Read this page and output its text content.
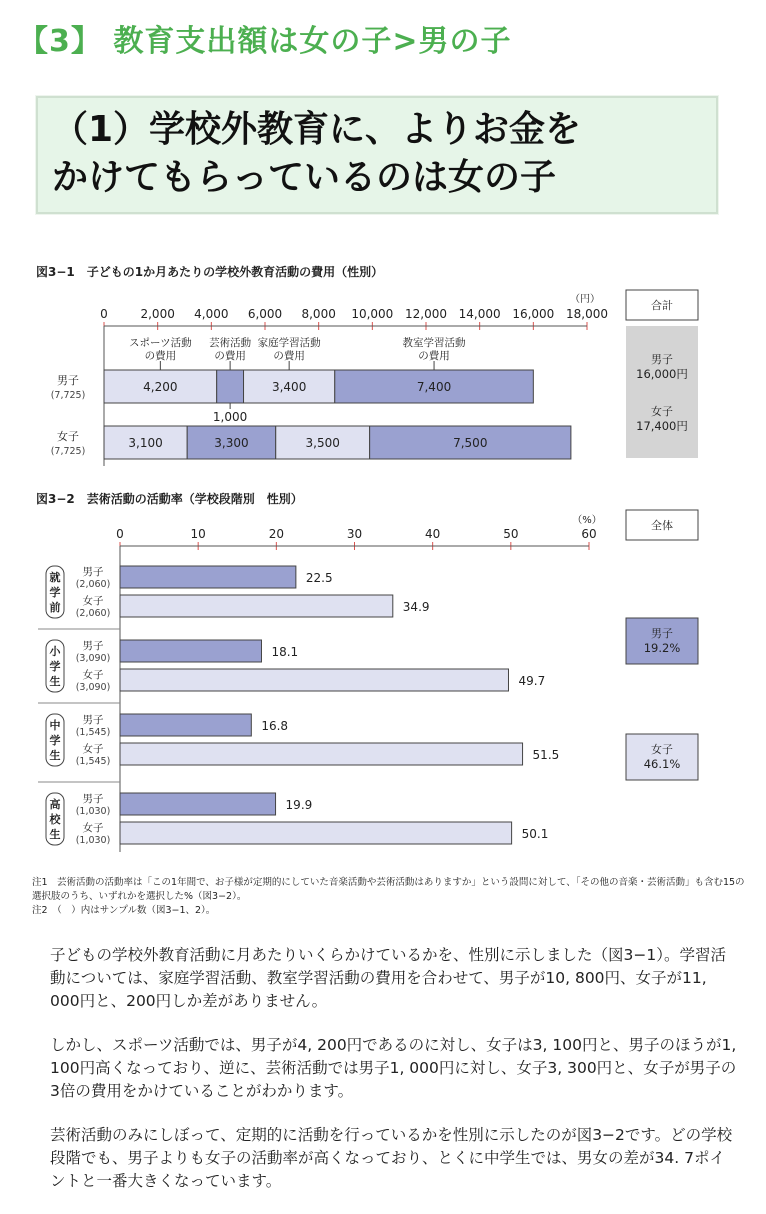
【3】 教育支出額は女の子>男の子
（1）学校外教育に、よりお金を
かけてもらっているのは女の子
図3−1　子どもの1か月あたりの学校外教育活動の費用（性別）
（円）
0	2,000 4,000 6,000 8,000 10,000 12,000 14,000 16,000 18,000
男子
(7,725)
4,200
1,000
3,400	7,400
女子
(7,725)
3,100	3,300	3,500	7,500
スポーツ活動
の費用
芸術活動
の費用
家庭学習活動
の費用
教室学習活動
の費用
合計
男子
16,000円
女子
17,400円
図3−2　芸術活動の活動率（学校段階別　性別）
（%）
0	10	20	30	40	50	60
就
学
前
男子
(2,060)	22.5
女子
(2,060)	34.9
小
学
生
男子
(3,090)	18.1
女子
(3,090)	49.7
中
学
生
男子
(1,545)	16.8
女子
(1,545)	51.5
高
校
生
男子
(1,030)	19.9
女子
(1,030)	50.1
全体
男子
19.2%
女子
46.1%

注1　芸術活動の活動率は「この1年間で、お子様が定期的にしていた音楽活動や芸術活動はありますか」という設問に対して、「その他の音楽・芸術活動」も含む15の選択肢のうち、いずれかを選択した%（図3−2）。

注2　（　）内はサンプル数（図3−1、2）。

子どもの学校外教育活動に月あたりいくらかけているかを、性別に示しました（図3−1）。学習活動については、家庭学習活動、教室学習活動の費用を合わせて、男子が10, 800円、女子が11, 000円と、200円しか差がありません。

しかし、スポーツ活動では、男子が4, 200円であるのに対し、女子は3, 100円と、男子のほうが1, 100円高くなっており、逆に、芸術活動では男子1, 000円に対し、女子3, 300円と、女子が男子の3倍の費用をかけていることがわかります。

芸術活動のみにしぼって、定期的に活動を行っているかを性別に示したのが図3−2です。どの学校段階でも、男子よりも女子の活動率が高くなっており、とくに中学生では、男女の差が34. 7ポイントと一番大きくなっています。
